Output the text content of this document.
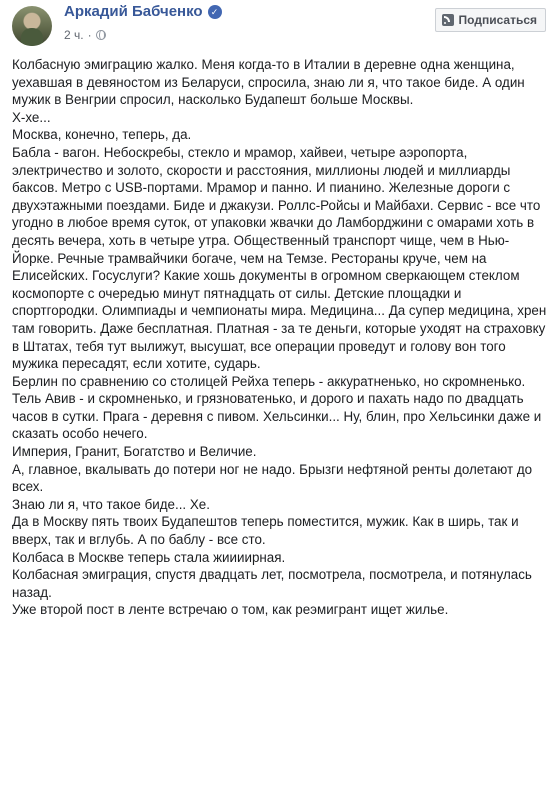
Аркадий Бабченко ✓
2 ч. ·
Подписаться

Колбасную эмиграцию жалко. Меня когда-то в Италии в деревне одна женщина, уехавшая в девяностом из Беларуси, спросила, знаю ли я, что такое биде. А один мужик в Венгрии спросил, насколько Будапешт больше Москвы.

Х-хе...

Москва, конечно, теперь, да.

Бабла - вагон. Небоскребы, стекло и мрамор, хайвеи, четыре аэропорта, электричество и золото, скорости и расстояния, миллионы людей и миллиарды баксов. Метро с USB-портами. Мрамор и панно. И пианино. Железные дороги с двухэтажными поездами. Биде и джакузи. Роллс-Ройсы и Майбахи. Сервис - все что угодно в любое время суток, от упаковки жвачки до Ламборджини с омарами хоть в десять вечера, хоть в четыре утра. Общественный транспорт чище, чем в Нью-Йорке. Речные трамвайчики богаче, чем на Темзе. Рестораны круче, чем на Елисейских. Госуслуги? Какие хошь документы в огромном сверкающем стеклом космопорте с очередью минут пятнадцать от силы. Детские площадки и спортгородки. Олимпиады и чемпионаты мира. Медицина... Да супер медицина, хрен там говорить. Даже бесплатная. Платная - за те деньги, которые уходят на страховку в Штатах, тебя тут вылижут, высушат, все операции проведут и голову вон того мужика пересадят, если хотите, сударь.

Берлин по сравнению со столицей Рейха теперь - аккуратненько, но скромненько. Тель Авив - и скромненько, и грязноватенько, и дорого и пахать надо по двадцать часов в сутки. Прага - деревня с пивом. Хельсинки... Ну, блин, про Хельсинки даже и сказать особо нечего.

Империя, Гранит, Богатство и Величие.

А, главное, вкалывать до потери ног не надо. Брызги нефтяной ренты долетают до всех.

Знаю ли я, что такое биде... Хе.

Да в Москву пять твоих Будапештов теперь поместится, мужик. Как в ширь, так и вверх, так и вглубь. А по баблу - все сто.

Колбаса в Москве теперь стала жиииирная.

Колбасная эмиграция, спустя двадцать лет, посмотрела, посмотрела, и потянулась назад.

Уже второй пост в ленте встречаю о том, как реэмигрант ищет жилье.
